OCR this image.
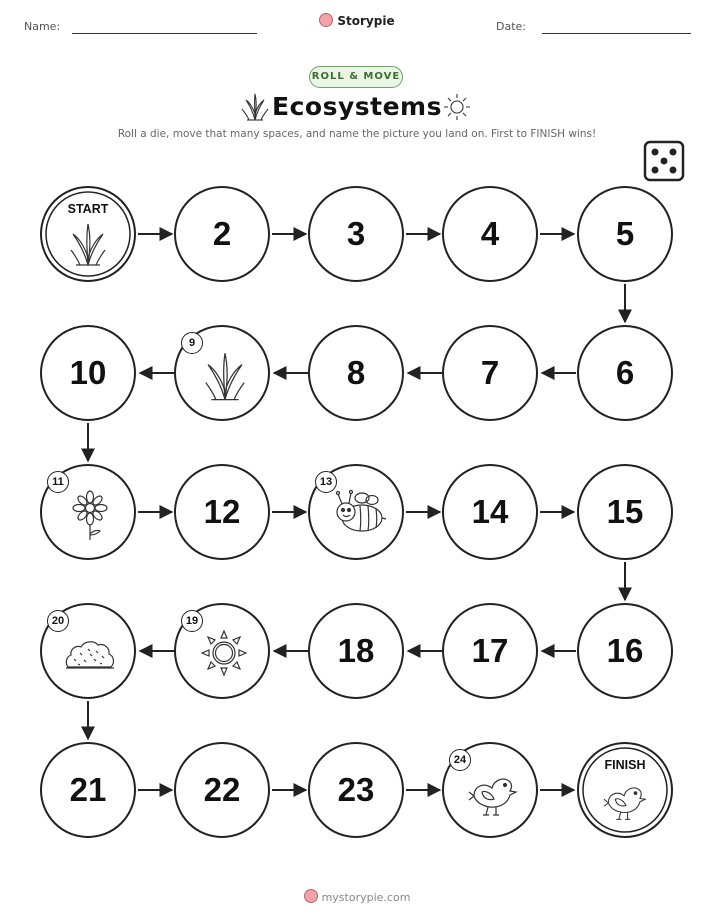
Name:	Storypie	Date:
ROLL & MOVE
Ecosystems
Roll a die, move that many spaces, and name the picture you land on. First to FINISH wins!
START
2	3	4	5
10
9
8	7	6
11
12
13
14	15
20	19
18	17	16
21	22	23
24	FINISH
mystorypie.com
